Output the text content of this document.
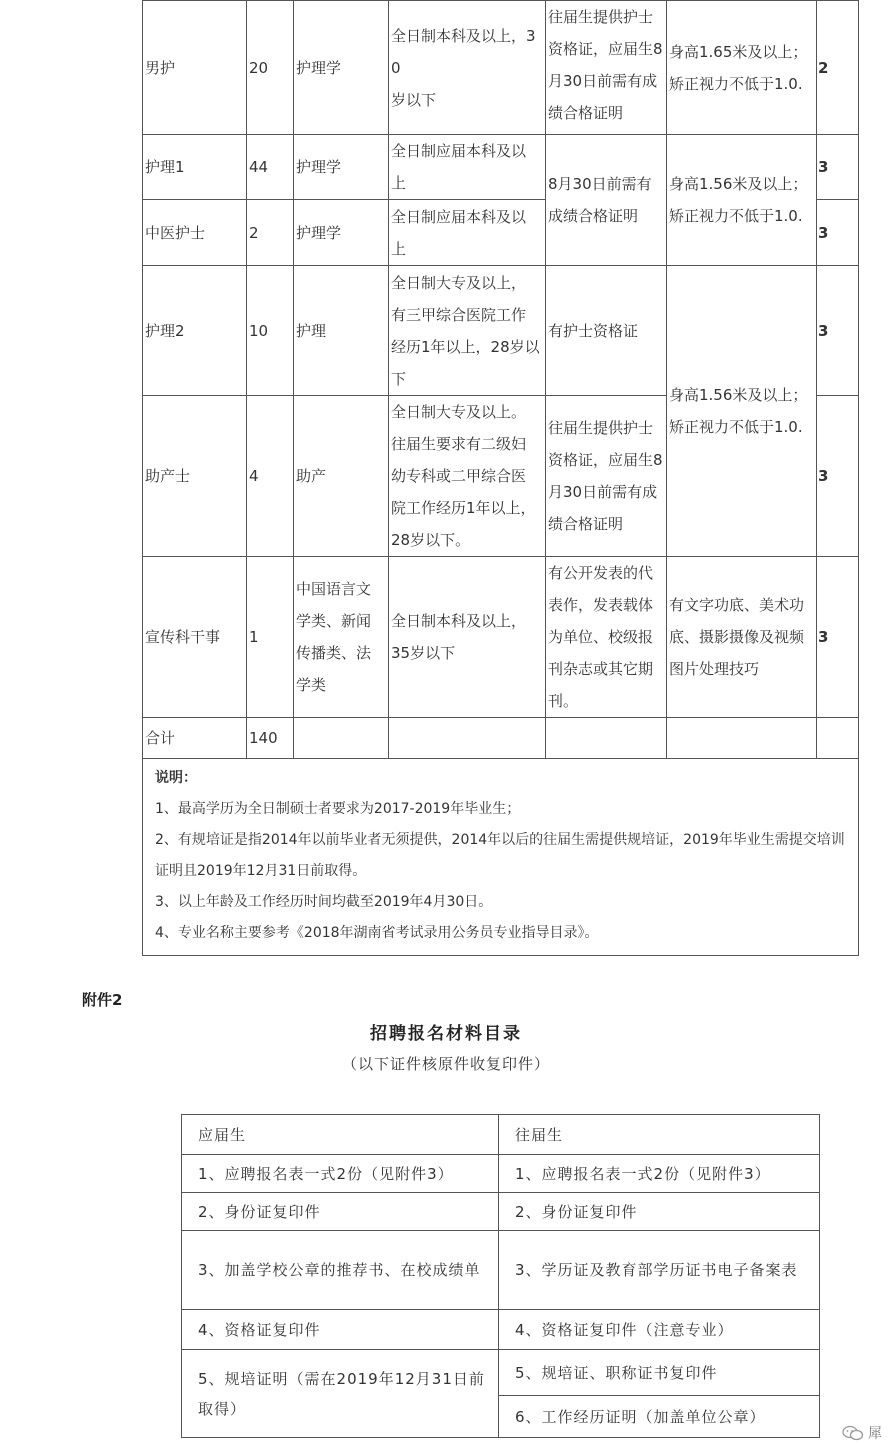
男护	20	护理学	全日制本科及以上，30
岁以下	往届生提供护士
资格证，应届生8
月30日前需有成
绩合格证明	身高1.65米及以上；
矫正视力不低于1.0.	2
护理1	44	护理学	全日制应届本科及以
上	8月30日前需有
成绩合格证明	身高1.56米及以上；
矫正视力不低于1.0.	3
中医护士	2	护理学	全日制应届本科及以
上			3
护理2	10	护理	全日制大专及以上，
有三甲综合医院工作
经历1年以上，28岁以
下	有护士资格证	身高1.56米及以上；
矫正视力不低于1.0.	3
助产士	4	助产	全日制大专及以上。
往届生要求有二级妇
幼专科或二甲综合医
院工作经历1年以上，
28岁以下。	往届生提供护士
资格证，应届生8
月30日前需有成
绩合格证明		3
宣传科干事	1	中国语言文
学类、新闻
传播类、法
学类	全日制本科及以上，
35岁以下	有公开发表的代
表作，发表载体
为单位、校级报
刊杂志或其它期
刊。	有文字功底、美术功
底、摄影摄像及视频
图片处理技巧	3
合计	140					

说明：
1、最高学历为全日制硕士者要求为2017-2019年毕业生；
2、有规培证是指2014年以前毕业者无须提供，2014年以后的往届生需提供规培证，2019年毕业生需提交培训证明且2019年12月31日前取得。
3、以上年龄及工作经历时间均截至2019年4月30日。
4、专业名称主要参考《2018年湖南省考试录用公务员专业指导目录》。						
附件2
招聘报名材料目录
（以下证件核原件收复印件）
应届生	往届生
1、应聘报名表一式2份（见附件3）	1、应聘报名表一式2份（见附件3）
2、身份证复印件	2、身份证复印件
3、加盖学校公章的推荐书、在校成绩单	3、学历证及教育部学历证书电子备案表
4、资格证复印件	4、资格证复印件（注意专业）
5、规培证明（需在2019年12月31日前取得）	5、规培证、职称证书复印件
	6、工作经历证明（加盖单位公章）
犀
